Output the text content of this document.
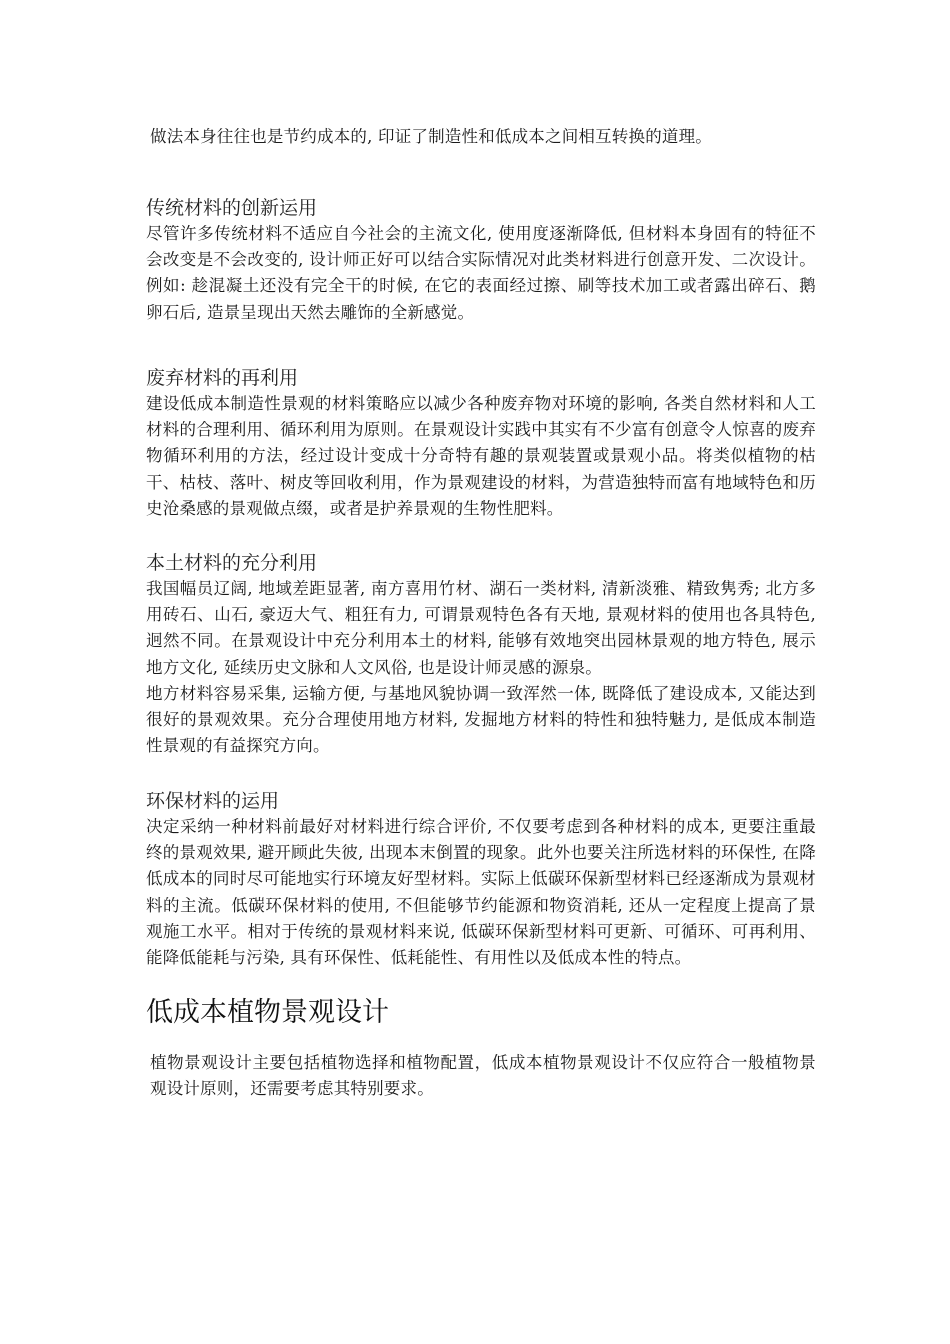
做法本身往往也是节约成本的, 印证了制造性和低成本之间相互转换的道理。

传统材料的创新运用

尽管许多传统材料不适应自今社会的主流文化, 使用度逐渐降低, 但材料本身固有的特征不会改变是不会改变的, 设计师正好可以结合实际情况对此类材料进行创意开发、二次设计。例如: 趁混凝土还没有完全干的时候, 在它的表面经过擦、刷等技术加工或者露出碎石、鹅卵石后, 造景呈现出天然去雕饰的全新感觉。

废弃材料的再利用

建设低成本制造性景观的材料策略应以减少各种废弃物对环境的影响, 各类自然材料和人工材料的合理利用、循环利用为原则。在景观设计实践中其实有不少富有创意令人惊喜的废弃物循环利用的方法，经过设计变成十分奇特有趣的景观装置或景观小品。将类似植物的枯干、枯枝、落叶、树皮等回收利用，作为景观建设的材料，为营造独特而富有地域特色和历史沧桑感的景观做点缀，或者是护养景观的生物性肥料。

本土材料的充分利用

我国幅员辽阔, 地域差距显著, 南方喜用竹材、湖石一类材料, 清新淡雅、精致隽秀; 北方多用砖石、山石, 豪迈大气、粗狂有力, 可谓景观特色各有天地, 景观材料的使用也各具特色, 迥然不同。在景观设计中充分利用本土的材料, 能够有效地突出园林景观的地方特色, 展示地方文化, 延续历史文脉和人文风俗, 也是设计师灵感的源泉。

地方材料容易采集, 运输方便, 与基地风貌协调一致浑然一体, 既降低了建设成本, 又能达到很好的景观效果。充分合理使用地方材料, 发掘地方材料的特性和独特魅力, 是低成本制造性景观的有益探究方向。

环保材料的运用

决定采纳一种材料前最好对材料进行综合评价, 不仅要考虑到各种材料的成本, 更要注重最终的景观效果, 避开顾此失彼, 出现本末倒置的现象。此外也要关注所选材料的环保性, 在降低成本的同时尽可能地实行环境友好型材料。实际上低碳环保新型材料已经逐渐成为景观材料的主流。低碳环保材料的使用, 不但能够节约能源和物资消耗, 还从一定程度上提高了景观施工水平。相对于传统的景观材料来说, 低碳环保新型材料可更新、可循环、可再利用、能降低能耗与污染, 具有环保性、低耗能性、有用性以及低成本性的特点。

低成本植物景观设计

植物景观设计主要包括植物选择和植物配置，低成本植物景观设计不仅应符合一般植物景观设计原则，还需要考虑其特别要求。
